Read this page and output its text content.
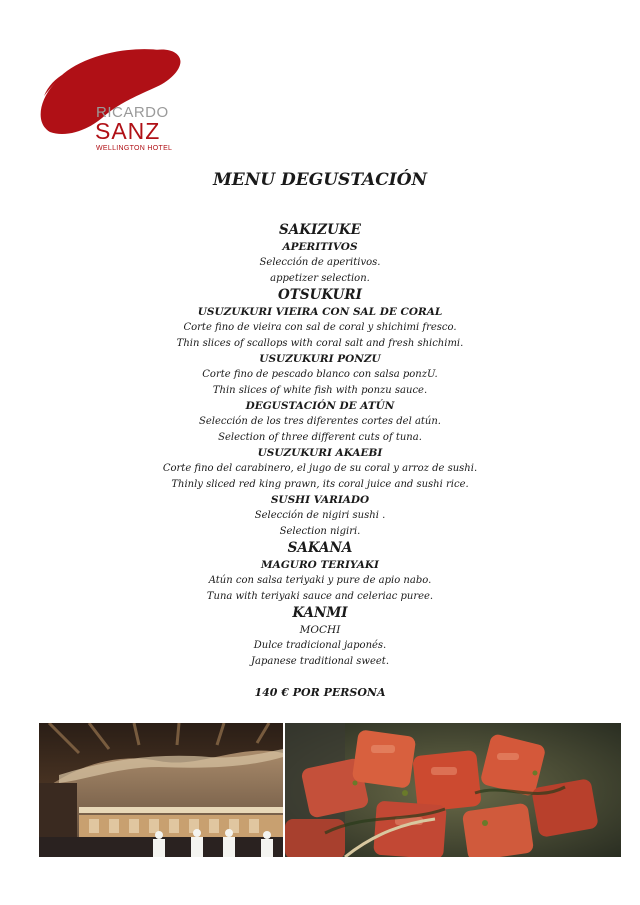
RICARDO
SANZ
WELLINGTON HOTEL
MENU DEGUSTACIÓN
SAKIZUKE
APERITIVOS
Selección de aperitivos.
appetizer selection.
OTSUKURI
USUZUKURI VIEIRA CON SAL DE CORAL
Corte fino de vieira con sal de coral y shichimi fresco.
Thin slices of scallops with coral salt and fresh shichimi.
USUZUKURI PONZU
Corte fino de pescado blanco con salsa ponzU.
Thin slices of white fish with ponzu sauce.
DEGUSTACIÓN DE ATÚN
Selección de los tres diferentes cortes del atún.
Selection of three different cuts of tuna.
USUZUKURI AKAEBI
Corte fino del carabinero, el jugo de su coral y arroz de sushi.
Thinly sliced red king prawn, its coral juice and sushi rice.
SUSHI VARIADO
Selección de nigiri sushi .
Selection nigiri.
SAKANA
MAGURO TERIYAKI
Atún con salsa teriyaki y pure de apio nabo.
Tuna with teriyaki sauce and celeriac puree.
KANMI
MOCHI
Dulce tradicional japonés.
Japanese traditional sweet.
140 € POR PERSONA
